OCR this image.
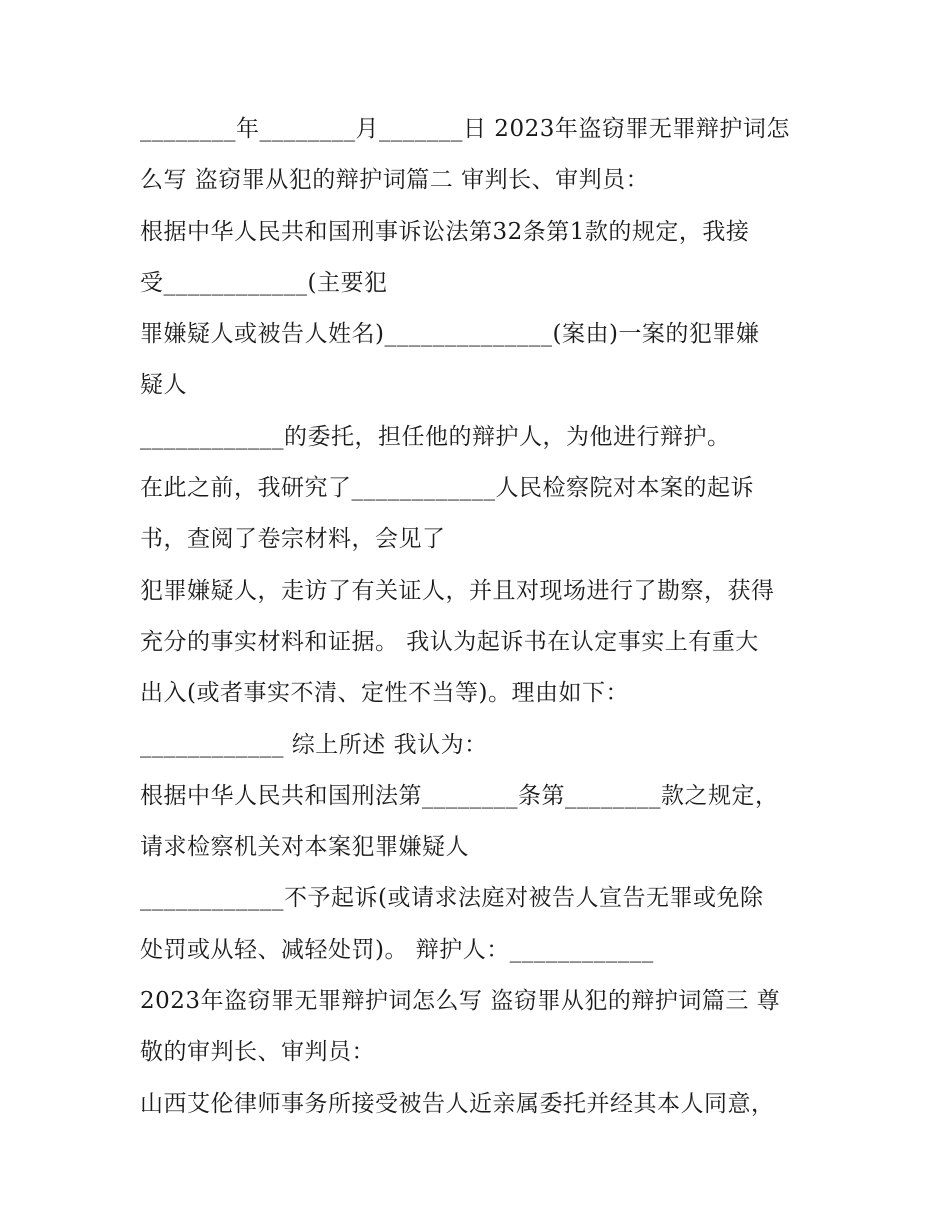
________年________月_______日 2023年盗窃罪无罪辩护词怎
么写 盗窃罪从犯的辩护词篇二 审判长、审判员：
根据中华人民共和国刑事诉讼法第32条第1款的规定，我接
受____________(主要犯
罪嫌疑人或被告人姓名)______________(案由)一案的犯罪嫌
疑人
____________的委托，担任他的辩护人，为他进行辩护。
在此之前，我研究了____________人民检察院对本案的起诉
书，查阅了卷宗材料，会见了
犯罪嫌疑人，走访了有关证人，并且对现场进行了勘察，获得
充分的事实材料和证据。 我认为起诉书在认定事实上有重大
出入(或者事实不清、定性不当等)。理由如下：
____________ 综上所述 我认为：
根据中华人民共和国刑法第________条第________款之规定，
请求检察机关对本案犯罪嫌疑人
____________不予起诉(或请求法庭对被告人宣告无罪或免除
处罚或从轻、减轻处罚)。 辩护人：____________
2023年盗窃罪无罪辩护词怎么写 盗窃罪从犯的辩护词篇三 尊
敬的审判长、审判员：
山西艾伦律师事务所接受被告人近亲属委托并经其本人同意，
